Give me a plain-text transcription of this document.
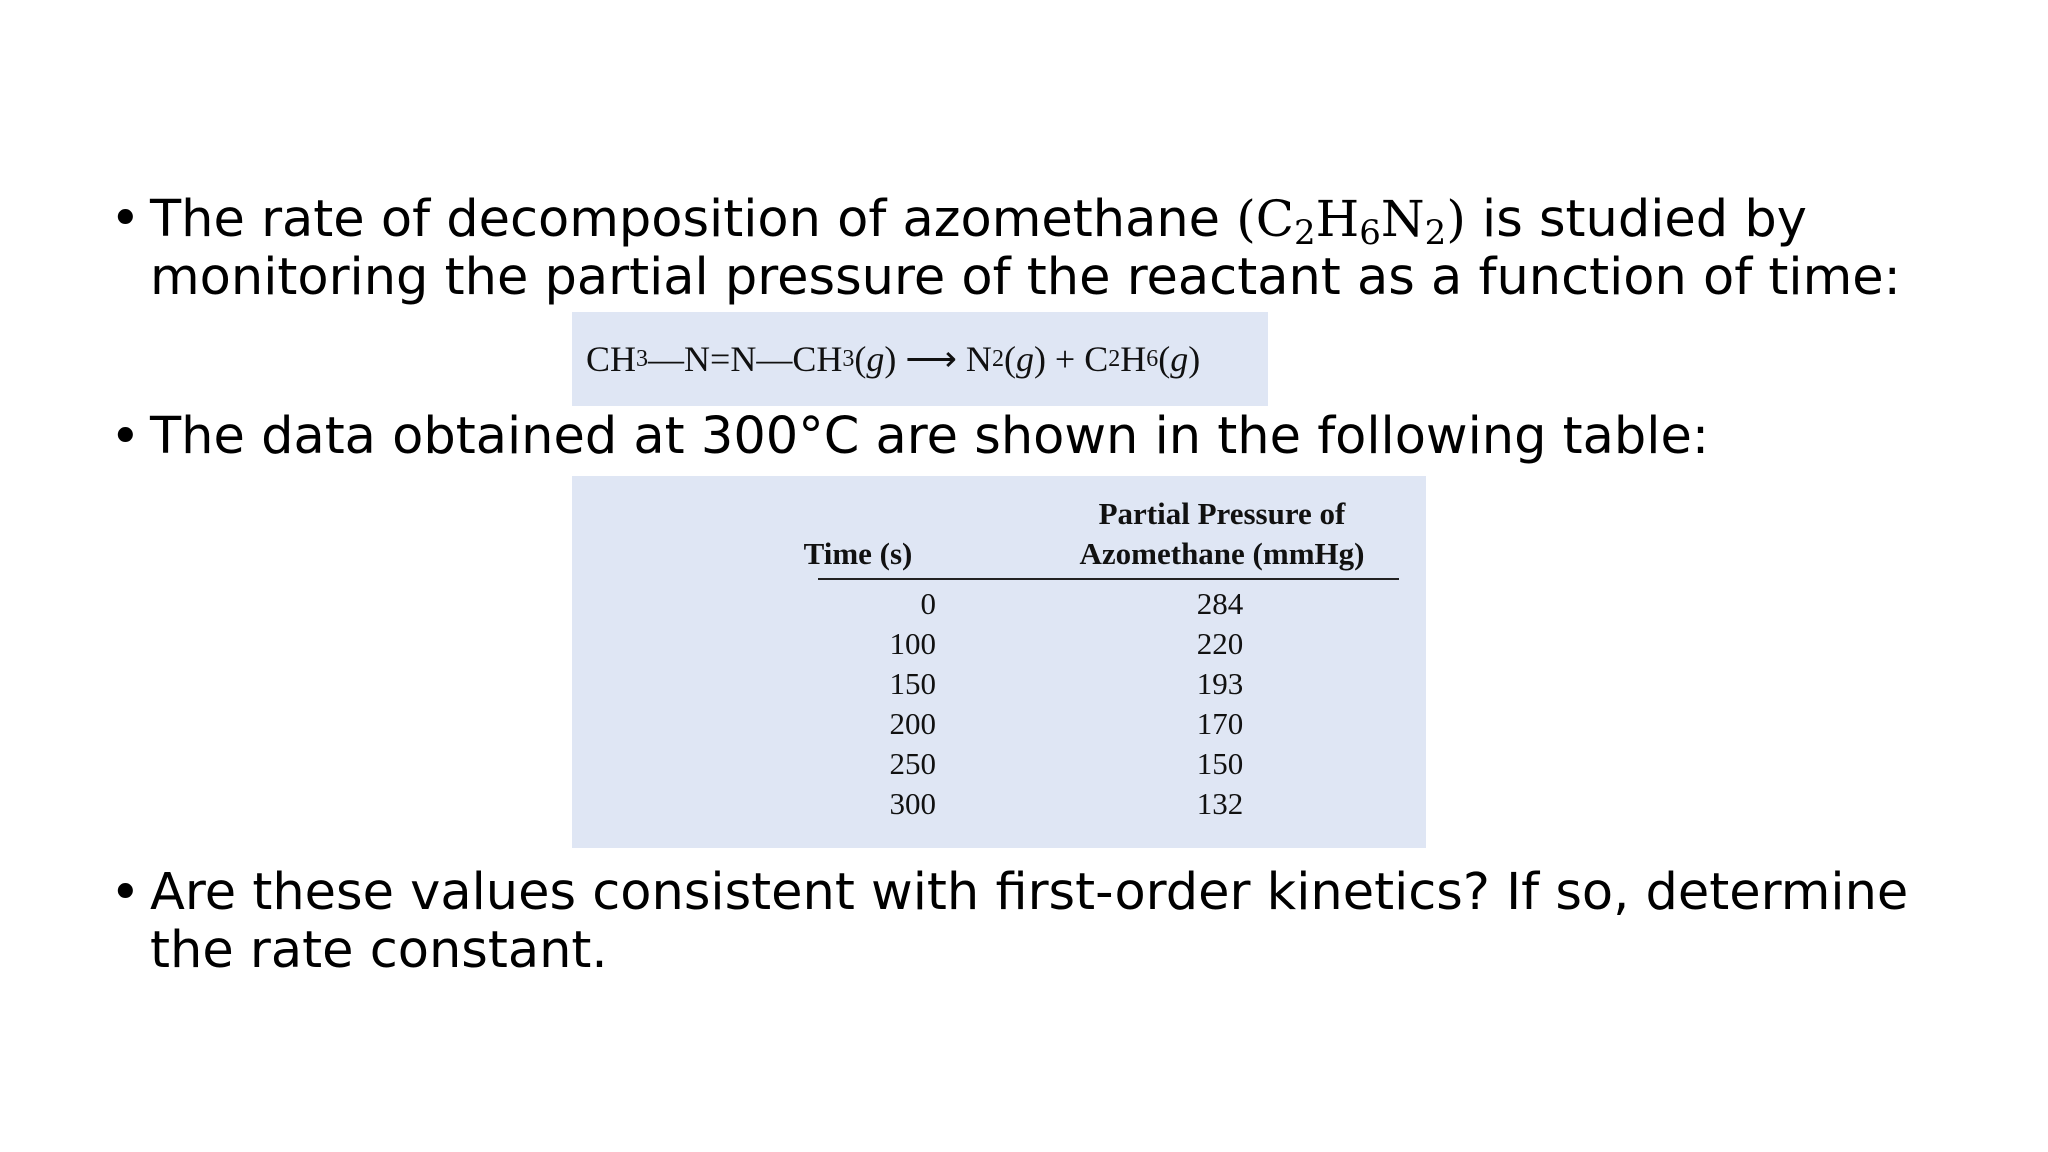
• The rate of decomposition of azomethane $(C_2H_6N_2)$ is studied by
monitoring the partial pressure of the reactant as a function of time:
CH 3 —N=N—CH 3 ( g ) ⟶ N 2 ( g ) + C 2 H 6 ( g )
• The data obtained at 300°C are shown in the following table:
Time (s)
Partial Pressure of
Azomethane (mmHg)
0
100
150
200
250
300
284
220
193
170
150
132
• Are these values consistent with first-order kinetics? If so, determine
the rate constant.
